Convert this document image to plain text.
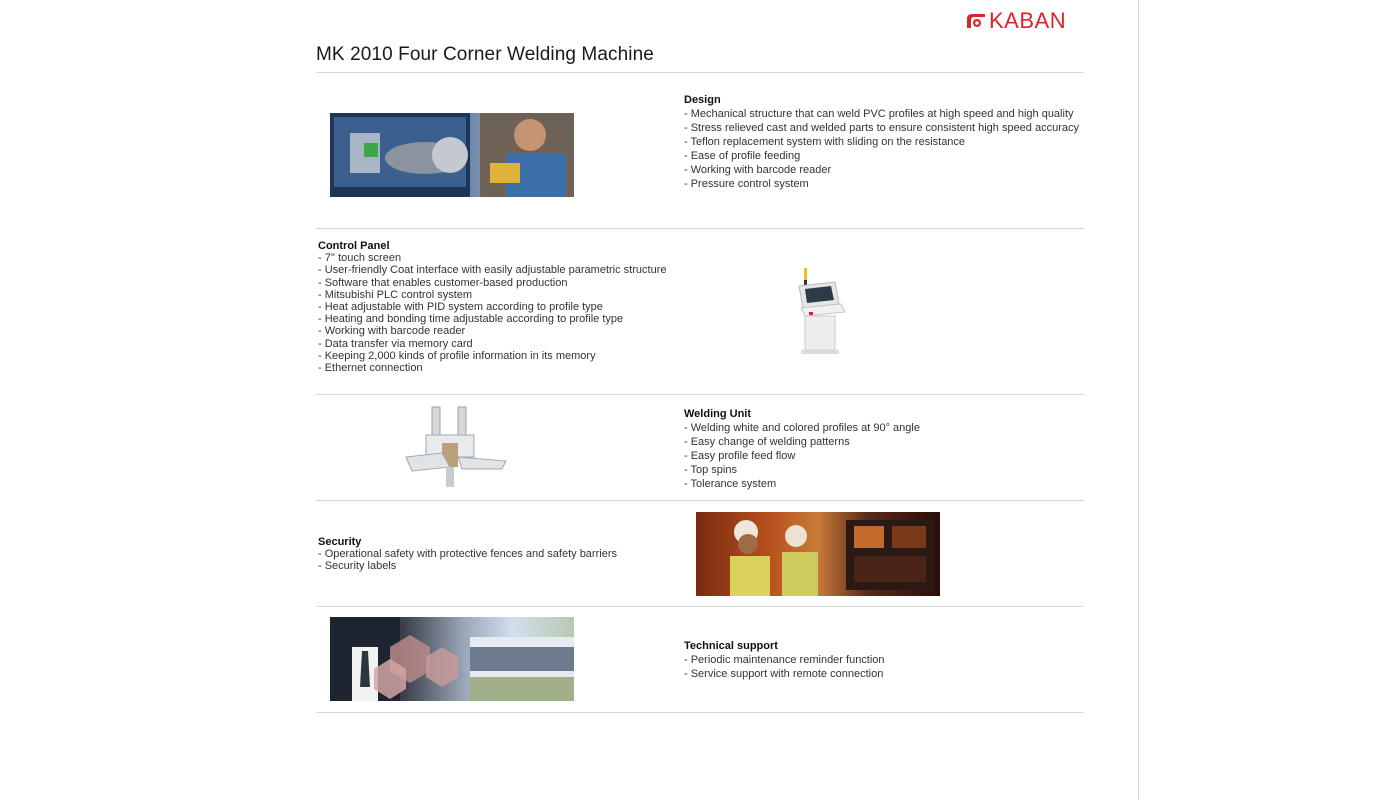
KABAN
MK 2010 Four Corner Welding Machine
Design
- Mechanical structure that can weld PVC profiles at high speed and high quality
- Stress relieved cast and welded parts to ensure consistent high speed accuracy
- Teflon replacement system with sliding on the resistance
- Ease of profile feeding
- Working with barcode reader
- Pressure control system
Control Panel
- 7'' touch screen
- User-friendly Coat interface with easily adjustable parametric structure
- Software that enables customer-based production
- Mitsubishi PLC control system
- Heat adjustable with PID system according to profile type
- Heating and bonding time adjustable according to profile type
- Working with barcode reader
- Data transfer via memory card
- Keeping 2,000 kinds of profile information in its memory
- Ethernet connection
Welding Unit
- Welding white and colored profiles at 90° angle
- Easy change of welding patterns
- Easy profile feed flow
- Top spins
- Tolerance system
Security
- Operational safety with protective fences and safety barriers
- Security labels
Technical support
- Periodic maintenance reminder function
- Service support with remote connection
